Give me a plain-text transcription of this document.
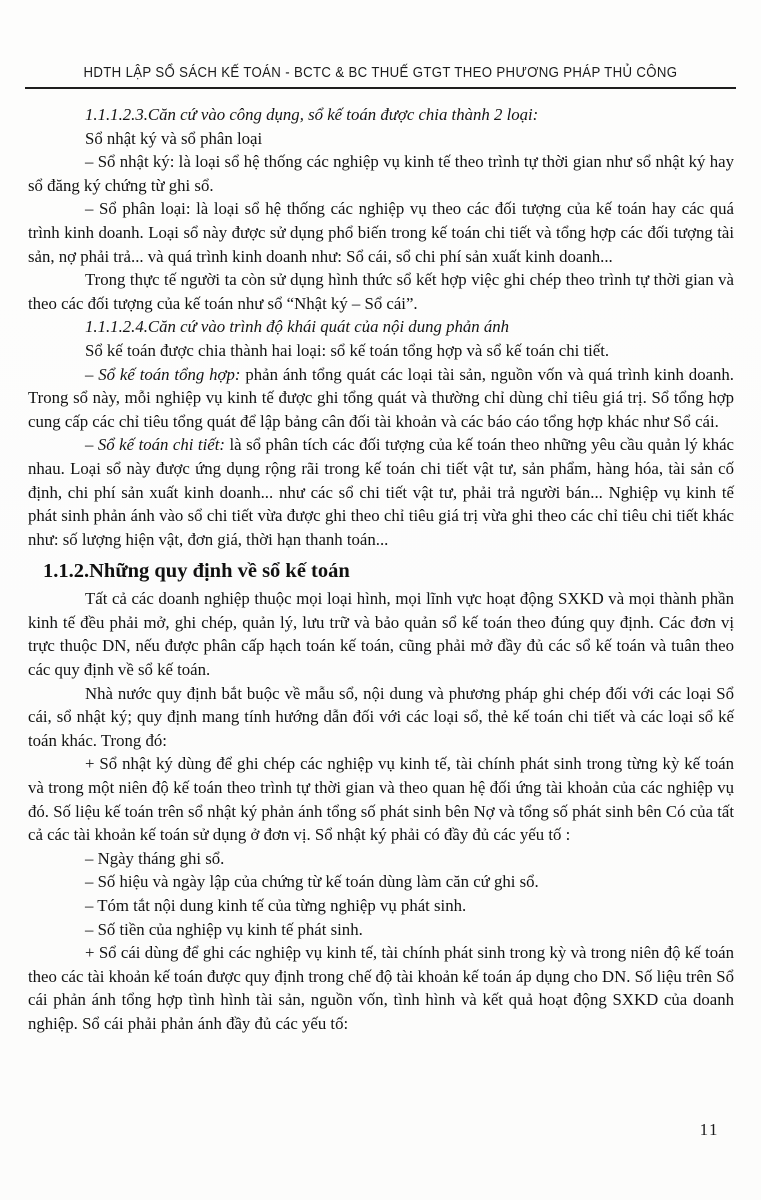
HDTH LẬP SỔ SÁCH KẾ TOÁN - BCTC & BC THUẾ GTGT THEO PHƯƠNG PHÁP THỦ CÔNG

1.1.1.2.3.Căn cứ vào công dụng, sổ kế toán được chia thành 2 loại:

Sổ nhật ký và sổ phân loại

– Sổ nhật ký: là loại sổ hệ thống các nghiệp vụ kinh tế theo trình tự thời gian như sổ nhật ký hay sổ đăng ký chứng từ ghi sổ.

– Sổ phân loại: là loại sổ hệ thống các nghiệp vụ theo các đối tượng của kế toán hay các quá trình kinh doanh. Loại sổ này được sử dụng phổ biến trong kế toán chi tiết và tổng hợp các đối tượng tài sản, nợ phải trả... và quá trình kinh doanh như: Sổ cái, sổ chi phí sản xuất kinh doanh...

Trong thực tế người ta còn sử dụng hình thức sổ kết hợp việc ghi chép theo trình tự thời gian và theo các đối tượng của kế toán như sổ “Nhật ký – Sổ cái”.

1.1.1.2.4.Căn cứ vào trình độ khái quát của nội dung phản ánh

Sổ kế toán được chia thành hai loại: sổ kế toán tổng hợp và sổ kế toán chi tiết.

– Sổ kế toán tổng hợp: phản ánh tổng quát các loại tài sản, nguồn vốn và quá trình kinh doanh. Trong sổ này, mỗi nghiệp vụ kinh tế được ghi tổng quát và thường chỉ dùng chỉ tiêu giá trị. Sổ tổng hợp cung cấp các chỉ tiêu tổng quát để lập bảng cân đối tài khoản và các báo cáo tổng hợp khác như Sổ cái.

– Sổ kế toán chi tiết: là sổ phân tích các đối tượng của kế toán theo những yêu cầu quản lý khác nhau. Loại sổ này được ứng dụng rộng rãi trong kế toán chi tiết vật tư, sản phẩm, hàng hóa, tài sản cố định, chi phí sản xuất kinh doanh... như các sổ chi tiết vật tư, phải trả người bán... Nghiệp vụ kinh tế phát sinh phản ánh vào sổ chi tiết vừa được ghi theo chỉ tiêu giá trị vừa ghi theo các chỉ tiêu chi tiết khác như: số lượng hiện vật, đơn giá, thời hạn thanh toán...

1.1.2.Những quy định về sổ kế toán

Tất cả các doanh nghiệp thuộc mọi loại hình, mọi lĩnh vực hoạt động SXKD và mọi thành phần kinh tế đều phải mở, ghi chép, quản lý, lưu trữ và bảo quản sổ kế toán theo đúng quy định. Các đơn vị trực thuộc DN, nếu được phân cấp hạch toán kế toán, cũng phải mở đầy đủ các sổ kế toán và tuân theo các quy định về sổ kế toán.

Nhà nước quy định bắt buộc về mẫu sổ, nội dung và phương pháp ghi chép đối với các loại Sổ cái, sổ nhật ký; quy định mang tính hướng dẫn đối với các loại sổ, thẻ kế toán chi tiết và các loại sổ kế toán khác. Trong đó:

+ Sổ nhật ký dùng để ghi chép các nghiệp vụ kinh tế, tài chính phát sinh trong từng kỳ kế toán và trong một niên độ kế toán theo trình tự thời gian và theo quan hệ đối ứng tài khoản của các nghiệp vụ đó. Số liệu kế toán trên sổ nhật ký phản ánh tổng số phát sinh bên Nợ và tổng số phát sinh bên Có của tất cả các tài khoản kế toán sử dụng ở đơn vị. Sổ nhật ký phải có đầy đủ các yếu tố :

– Ngày tháng ghi sổ.

– Số hiệu và ngày lập của chứng từ kế toán dùng làm căn cứ ghi sổ.

– Tóm tắt nội dung kinh tế của từng nghiệp vụ phát sinh.

– Số tiền của nghiệp vụ kinh tế phát sinh.

+ Sổ cái dùng để ghi các nghiệp vụ kinh tế, tài chính phát sinh trong kỳ và trong niên độ kế toán theo các tài khoản kế toán được quy định trong chế độ tài khoản kế toán áp dụng cho DN. Số liệu trên Sổ cái phản ánh tổng hợp tình hình tài sản, nguồn vốn, tình hình và kết quả hoạt động SXKD của doanh nghiệp. Sổ cái phải phản ánh đầy đủ các yếu tố:

11
